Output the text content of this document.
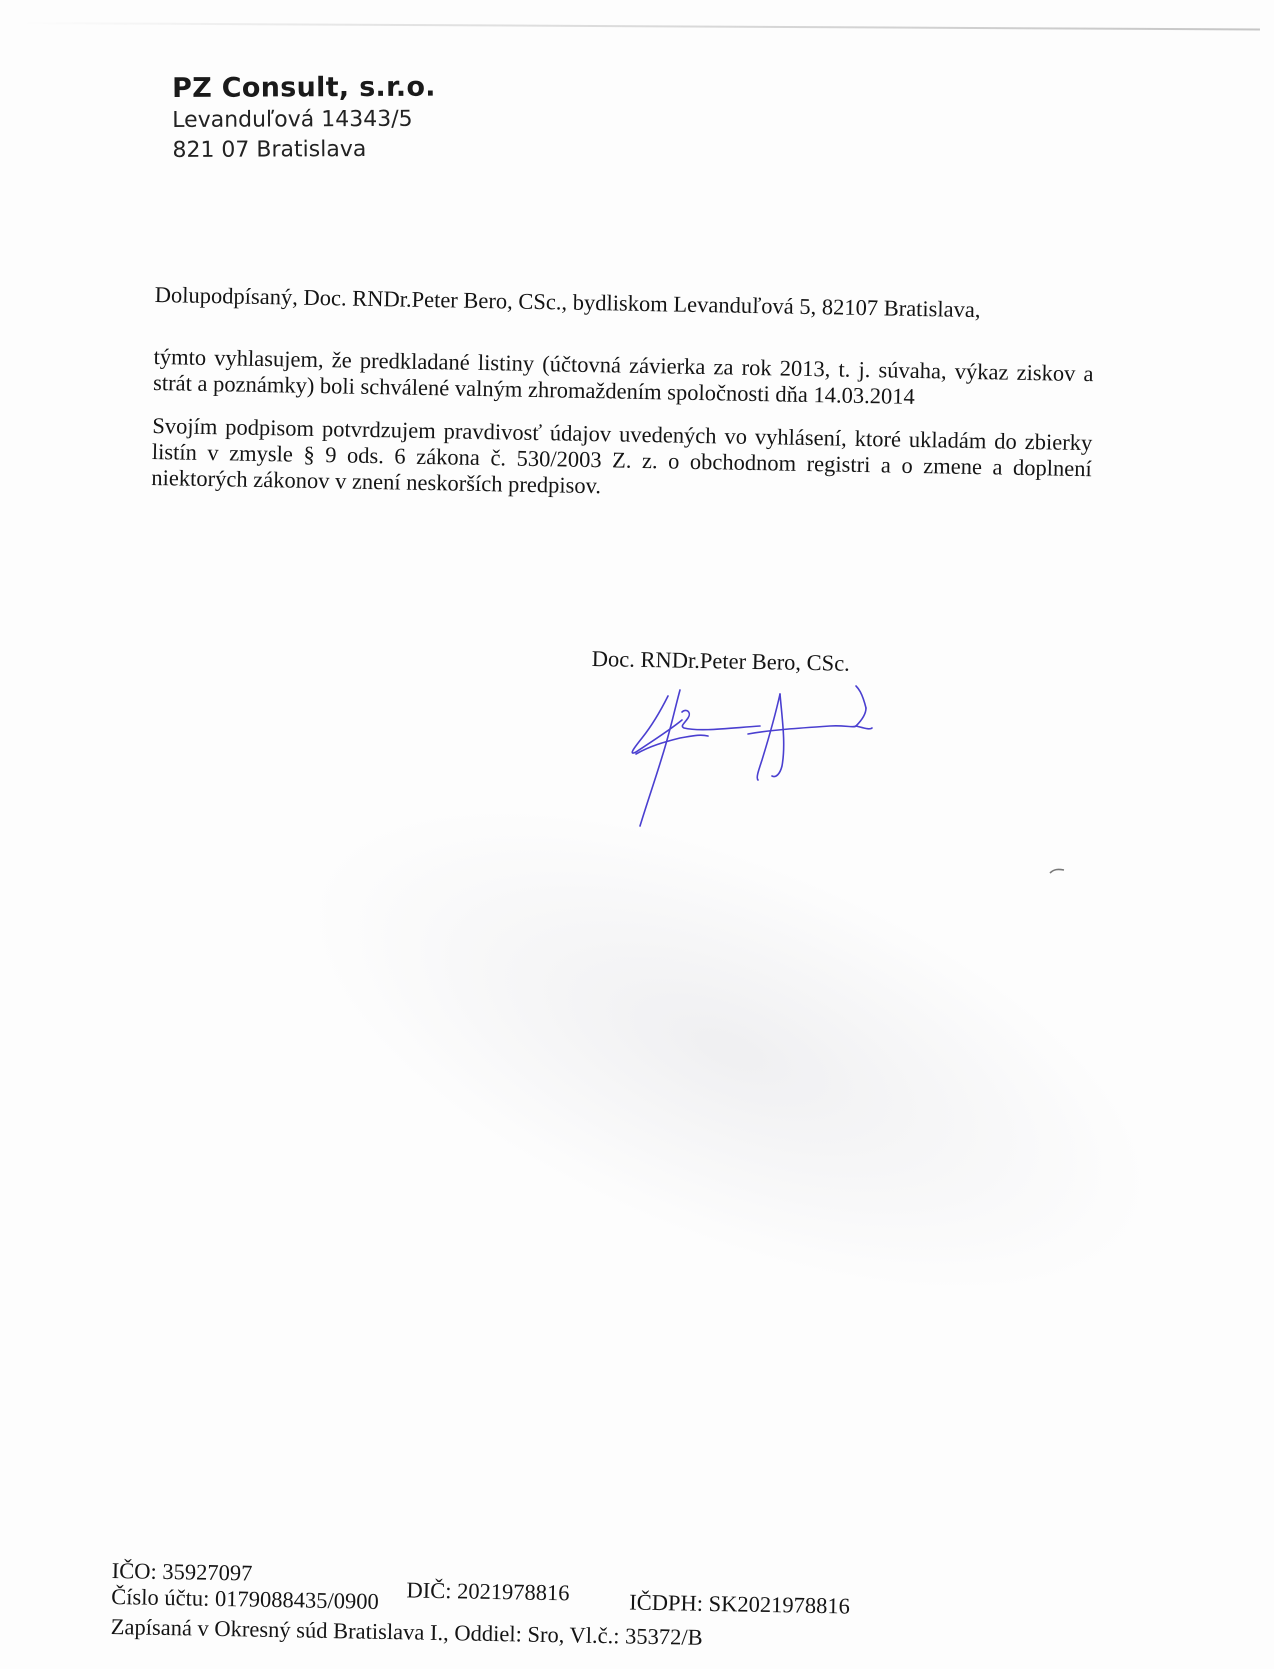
PZ Consult, s.r.o.
Levanduľová 14343/5
821 07 Bratislava

Dolupodpísaný, Doc. RNDr.Peter Bero, CSc., bydliskom Levanduľová 5, 82107 Bratislava,

týmto vyhlasujem, že predkladané listiny (účtovná závierka za rok 2013, t. j. súvaha, výkaz ziskov a strát a poznámky) boli schválené valným zhromaždením spoločnosti dňa 14.03.2014

Svojím podpisom potvrdzujem pravdivosť údajov uvedených vo vyhlásení, ktoré ukladám do zbierky listín v zmysle § 9 ods. 6 zákona č. 530/2003 Z. z. o obchodnom registri a o zmene a doplnení niektorých zákonov v znení neskorších predpisov.

Doc. RNDr.Peter Bero, CSc.
IČO: 35927097
DIČ: 2021978816	IČDPH: SK2021978816
Číslo účtu: 0179088435/0900
Zapísaná v Okresný súd Bratislava I., Oddiel: Sro, Vl.č.: 35372/B
